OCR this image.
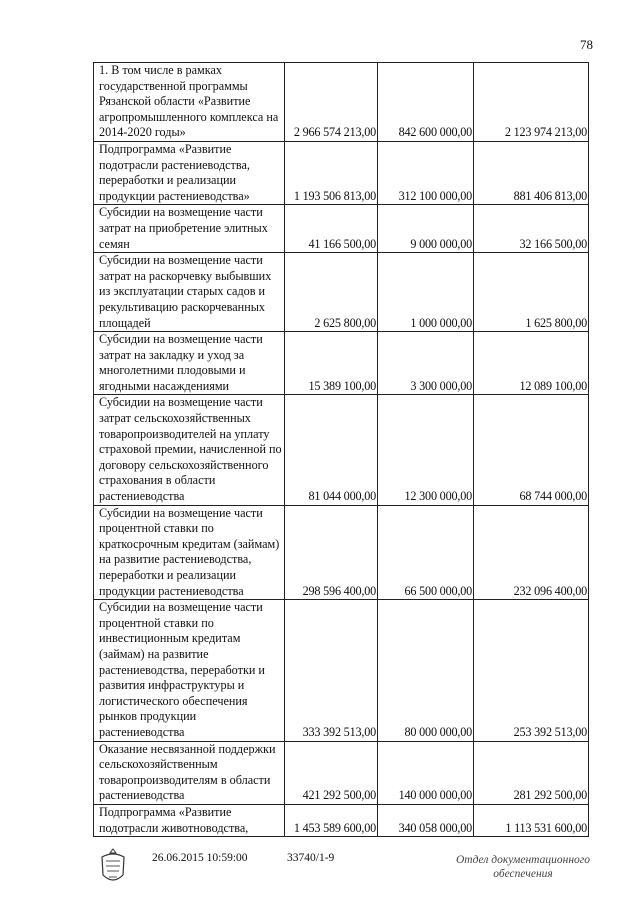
78
1. В том числе в рамках государственной программы Рязанской области «Развитие агропромышленного комплекса на 2014-2020 годы»	2 966 574 213,00	842 600 000,00	2 123 974 213,00
Подпрограмма «Развитие подотрасли растениеводства, переработки и реализации продукции растениеводства»	1 193 506 813,00	312 100 000,00	881 406 813,00
Субсидии на возмещение части затрат на приобретение элитных семян	41 166 500,00	9 000 000,00	32 166 500,00
Субсидии на возмещение части затрат на раскорчевку выбывших из эксплуатации старых садов и рекультивацию раскорчеванных площадей	2 625 800,00	1 000 000,00	1 625 800,00
Субсидии на возмещение части затрат на закладку и уход за многолетними плодовыми и ягодными насаждениями	15 389 100,00	3 300 000,00	12 089 100,00
Субсидии на возмещение части затрат сельскохозяйственных товаропроизводителей на уплату страховой премии, начисленной по договору сельскохозяйственного страхования в области растениеводства	81 044 000,00	12 300 000,00	68 744 000,00
Субсидии на возмещение части процентной ставки по краткосрочным кредитам (займам) на развитие растениеводства, переработки и реализации продукции растениеводства	298 596 400,00	66 500 000,00	232 096 400,00
Субсидии на возмещение части процентной ставки по инвестиционным кредитам (займам) на развитие растениеводства, переработки и развития инфраструктуры и логистического обеспечения рынков продукции растениеводства	333 392 513,00	80 000 000,00	253 392 513,00
Оказание несвязанной поддержки сельскохозяйственным товаропроизводителям в области растениеводства	421 292 500,00	140 000 000,00	281 292 500,00
Подпрограмма «Развитие подотрасли животноводства,	1 453 589 600,00	340 058 000,00	1 113 531 600,00
26.06.2015 10:59:00	33740/1-9	Отдел документационного
обеспечения
